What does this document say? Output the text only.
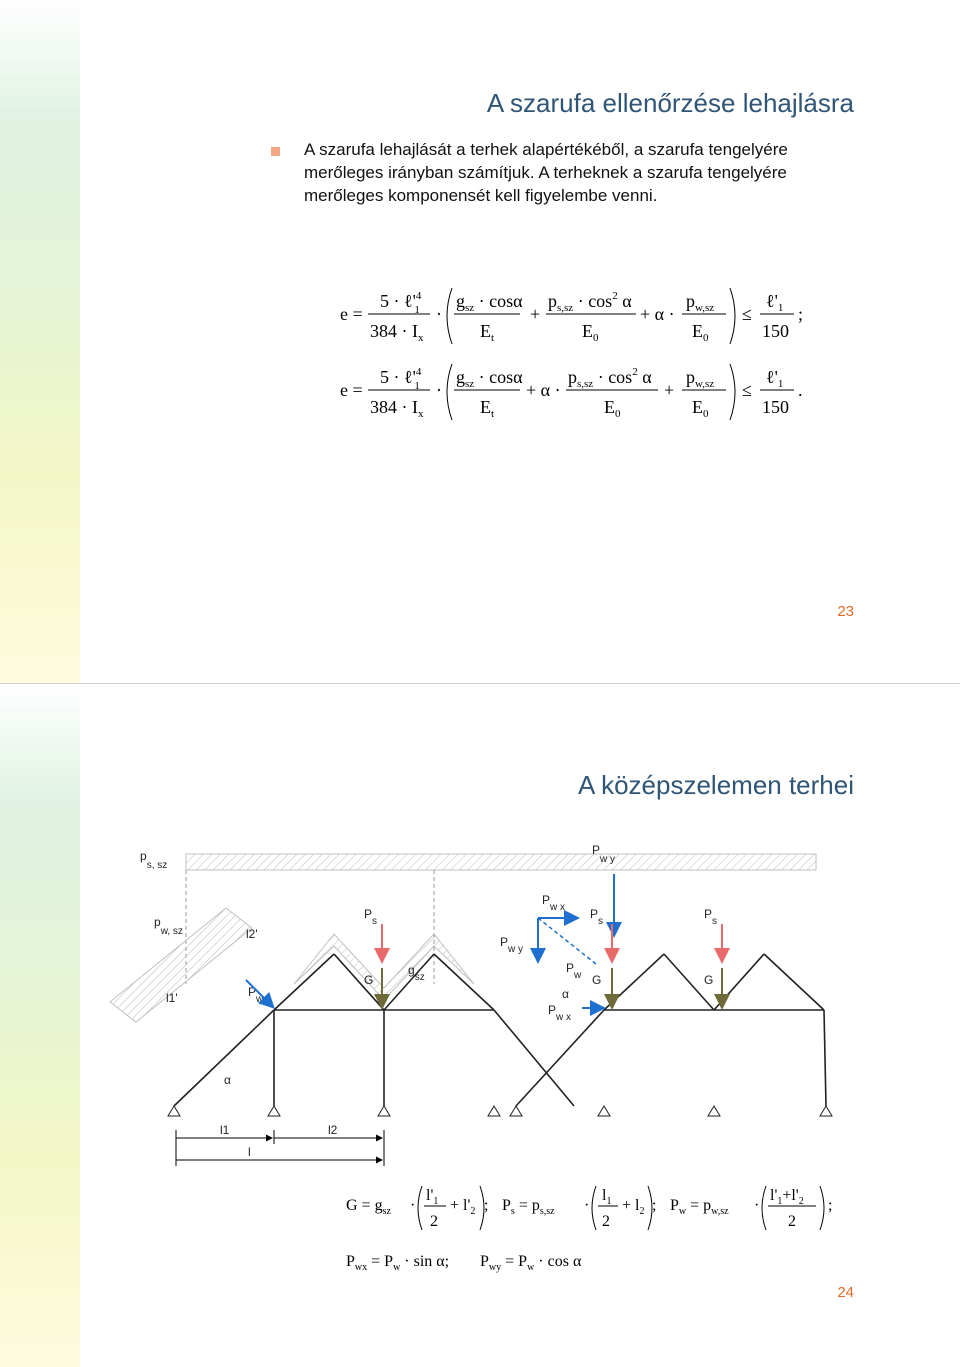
A szarufa ellenőrzése lehajlásra
A szarufa lehajlását a terhek alapértékéből, a szarufa tengelyére merőleges irányban számítjuk. A terheknek a szarufa tengelyére merőleges komponensét kell figyelembe venni.
e =
$5 \cdot \ell'^4$ 1
$384 \cdot I_x$
·
$g_{sz} \cdot \cos\alpha$
$E_t$
+
$p_{s,sz} \cdot \cos^2 \alpha$
$E_0$
+ α ·
$p_{w,sz}$
$E_0$
≤
$\ell'_1$
150
;
e =
$5 \cdot \ell'^4$ 1
$384 \cdot I_x$
·
$g_{sz} \cdot \cos\alpha$
$E_t$
+ α ·
$p_{s,sz} \cdot \cos^2 \alpha$
$E_0$
+
$p_{w,sz}$
$E_0$
≤
$\ell'_1$
150
.
23
A középszelemen terhei
$p_{s, sz}$
$p_{w, sz}$	l2'
l1'	$P_w$
$P_s$
G
$g_{sz}$
α
$P_{w x}$
$P_{w y}$
$P_w$
α
$P_{w x}$
$P_{w y}$
$P_s$
G
$P_s$
G
l1	l2
l
$G = g_{sz}$ ·
$l'_1$
2
+ $l'_2$ ; $P_s = p_{s,sz}$ ·
$l_1$
2
+ $l_2$ ; $P_w = p_{w,sz}$ ·
$l'_1+l'_2$
2
;
$P_{wx} = P_w \cdot \sin \alpha$; $P_{wy} = P_w \cdot \cos \alpha$
24
